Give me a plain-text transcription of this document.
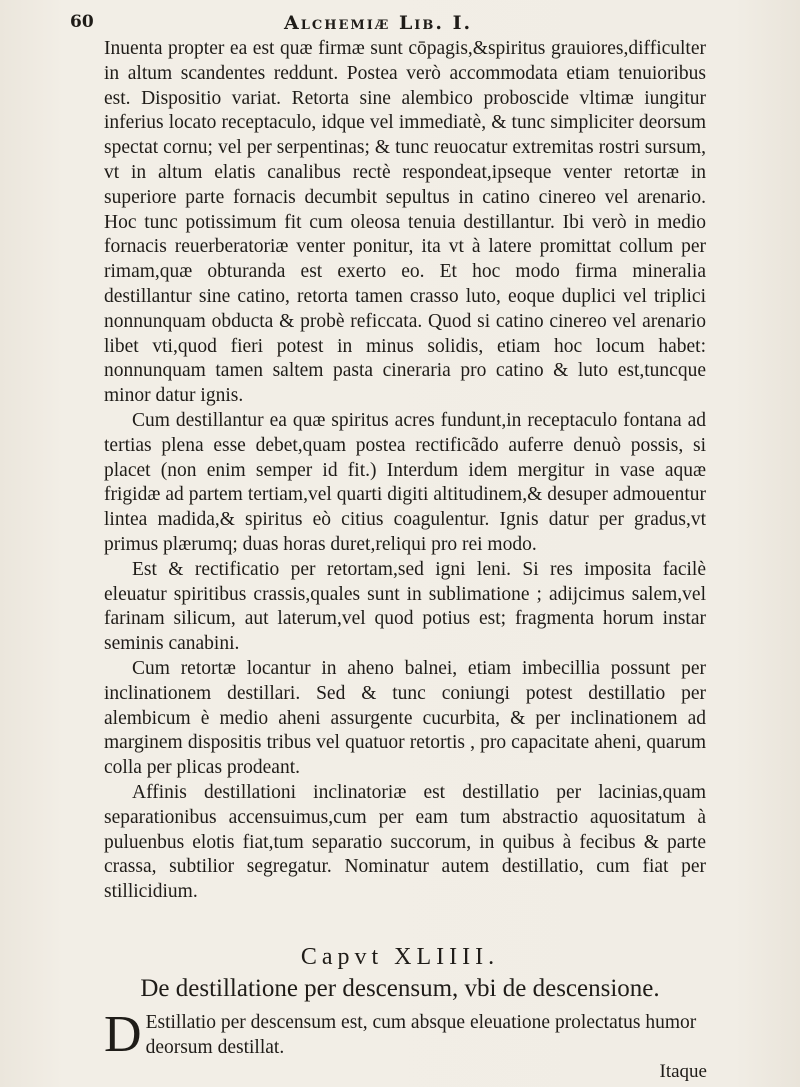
60	Alchemiæ Lib. I.

Inuenta propter ea est quæ firmæ sunt cōpagis,&spiritus grauiores,difficulter in altum scandentes reddunt. Postea verò accommodata etiam tenuioribus est. Dispositio variat. Retorta sine alembico proboscide vltimæ iungitur inferius locato receptaculo, idque vel immediatè, & tunc simpliciter deorsum spectat cornu; vel per serpentinas; & tunc reuocatur extremitas rostri sursum, vt in altum elatis canalibus rectè respondeat,ipseque venter retortæ in superiore parte fornacis decumbit sepultus in catino cinereo vel arenario. Hoc tunc potissimum fit cum oleosa tenuia destillantur. Ibi verò in medio fornacis reuerberatoriæ venter ponitur, ita vt à latere promittat collum per rimam,quæ obturanda est exerto eo. Et hoc modo firma mineralia destillantur sine catino, retorta tamen crasso luto, eoque duplici vel triplici nonnunquam obducta & probè reficcata. Quod si catino cinereo vel arenario libet vti,quod fieri potest in minus solidis, etiam hoc locum habet: nonnunquam tamen saltem pasta cineraria pro catino & luto est,tuncque minor datur ignis.

Cum destillantur ea quæ spiritus acres fundunt,in receptaculo fontana ad tertias plena esse debet,quam postea rectificãdo auferre denuò possis, si placet (non enim semper id fit.) Interdum idem mergitur in vase aquæ frigidæ ad partem tertiam,vel quarti digiti altitudinem,& desuper admouentur lintea madida,& spiritus eò citius coagulentur. Ignis datur per gradus,vt primus plærumq; duas horas duret,reliqui pro rei modo.

Est & rectificatio per retortam,sed igni leni. Si res imposita facilè eleuatur spiritibus crassis,quales sunt in sublimatione ; adijcimus salem,vel farinam silicum, aut laterum,vel quod potius est; fragmenta horum instar seminis canabini.

Cum retortæ locantur in aheno balnei, etiam imbecillia possunt per inclinationem destillari. Sed & tunc coniungi potest destillatio per alembicum è medio aheni assurgente cucurbita, & per inclinationem ad marginem dispositis tribus vel quatuor retortis , pro capacitate aheni, quarum colla per plicas prodeant.

Affinis destillationi inclinatoriæ est destillatio per lacinias,quam separationibus accensuimus,cum per eam tum abstractio aquositatum à puluenbus elotis fiat,tum separatio succorum, in quibus à fecibus & parte crassa, subtilior segregatur. Nominatur autem destillatio, cum fiat per stillicidium.

Capvt XLIIII.
De destillatione per descensum, vbi de descensione.
D Estillatio per descensum est, cum absque eleuatione prolectatus humor deorsum destillat.
Itaque
